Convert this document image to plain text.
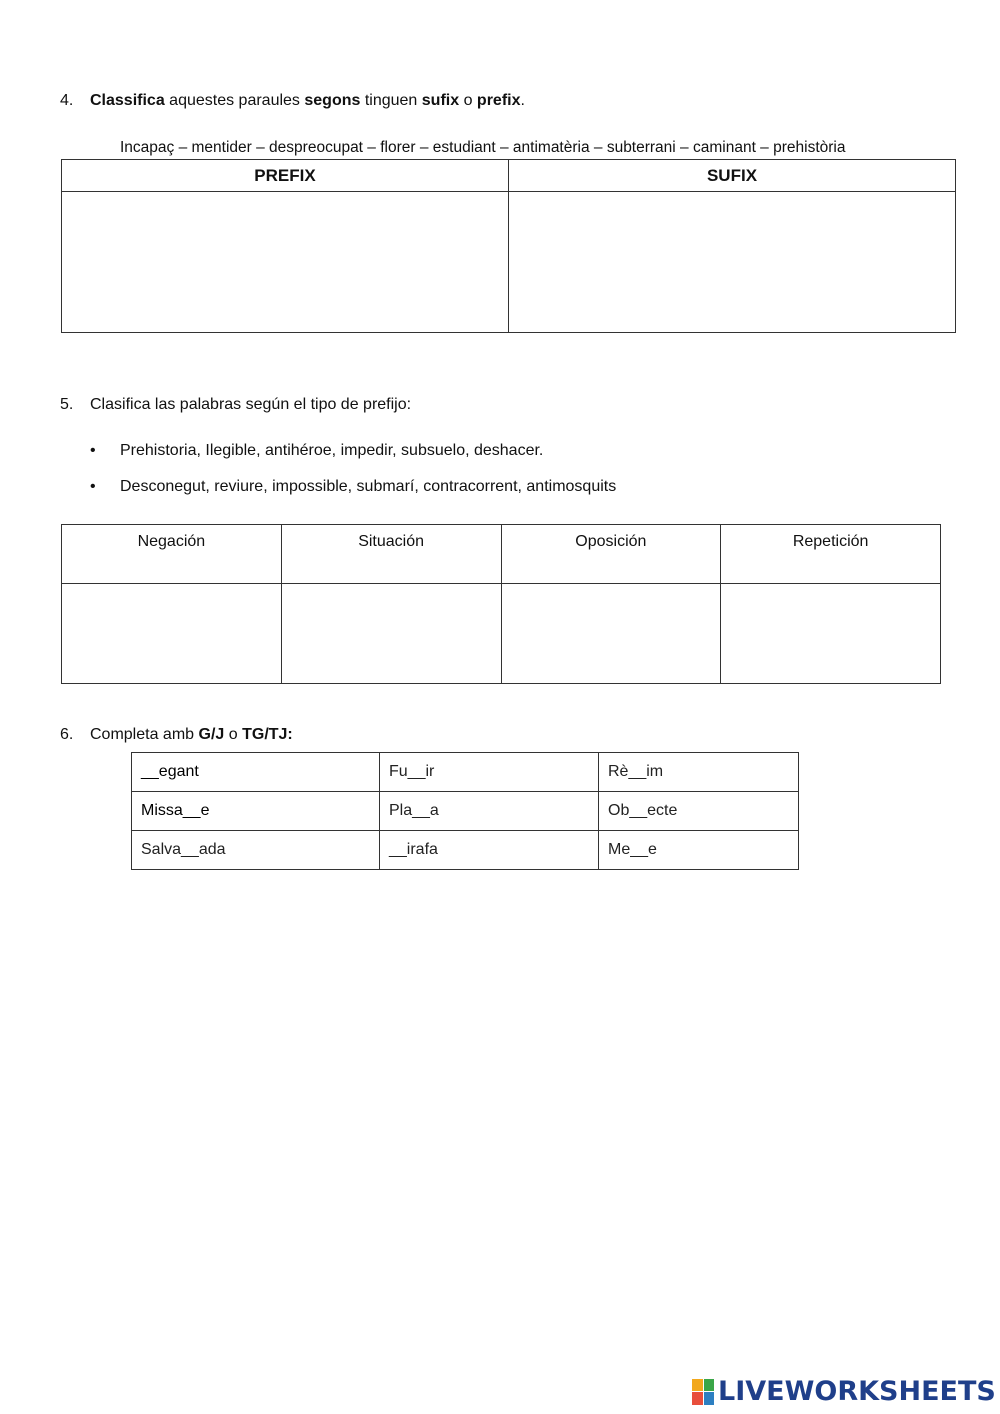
4. Classifica aquestes paraules segons tinguen sufix o prefix.
Incapaç – mentider – despreocupat – florer – estudiant – antimatèria – subterrani – caminant – prehistòria
PREFIX	SUFIX

5. Clasifica las palabras según el tipo de prefijo:
• Prehistoria, Ilegible, antihéroe, impedir, subsuelo, deshacer.
• Desconegut, reviure, impossible, submarí, contracorrent, antimosquits
Negación	Situación	Oposición	Repetición

6. Completa amb G/J o TG/TJ:
__egant	Fu__ir	Rè__im
Missa__e	Pla__a	Ob__ecte
Salva__ada	__irafa	Me__e
LIVEWORKSHEETS
